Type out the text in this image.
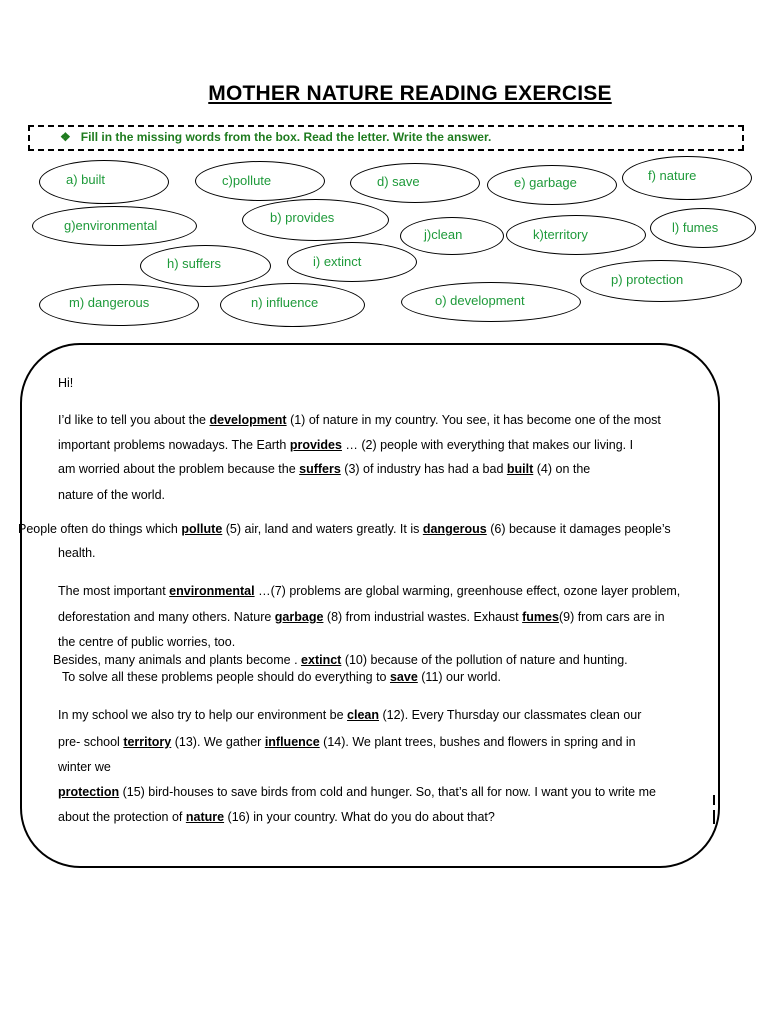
MOTHER NATURE READING EXERCISE
❖ Fill in the missing words from the box. Read the letter. Write the answer.
a) built	c)pollute	d) save	e) garbage	f) nature
g)environmental
b) provides
j)clean	k)territory	l) fumes
h) suffers	i) extinct
p) protection
m) dangerous	n) influence	o) development
Hi!
I’d like to tell you about the development (1) of nature in my country. You see, it has become one of the most
important problems nowadays. The Earth provides … (2) people with everything that makes our living. I
am worried about the problem because the suffers (3) of industry has had a bad built (4) on the
nature of the world.
People often do things which pollute (5) air, land and waters greatly. It is dangerous (6) because it damages people’s
health.
The most important environmental …(7) problems are global warming, greenhouse effect, ozone layer problem,
deforestation and many others. Nature garbage (8) from industrial wastes. Exhaust fumes(9) from cars are in
the centre of public worries, too.
Besides, many animals and plants become . extinct (10) because of the pollution of nature and hunting.
To solve all these problems people should do everything to save (11) our world.
In my school we also try to help our environment be clean (12). Every Thursday our classmates clean our
pre- school territory (13). We gather influence (14). We plant trees, bushes and flowers in spring and in
winter we
protection (15) bird-houses to save birds from cold and hunger. So, that’s all for now. I want you to write me
about the protection of nature (16) in your country. What do you do about that?
